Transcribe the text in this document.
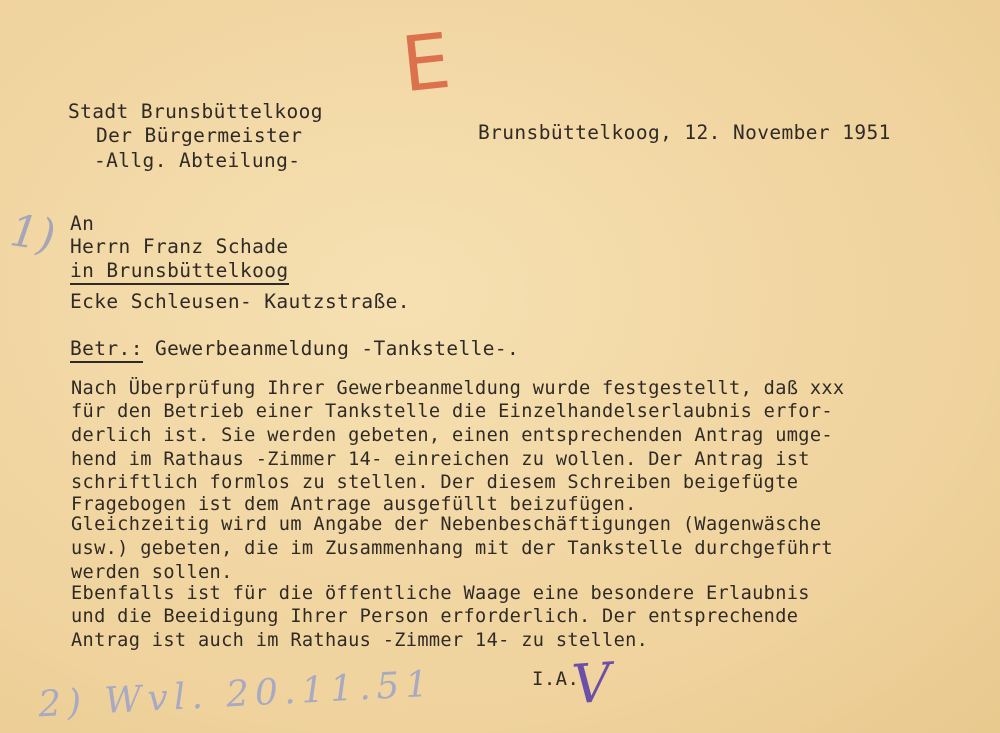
E
1)
Stadt Brunsbüttelkoog
Der Bürgermeister
-Allg. Abteilung-
Brunsbüttelkoog, 12. November 1951
An
Herrn Franz Schade
in Brunsbüttelkoog
Ecke Schleusen- Kautzstraße.
Betr.: Gewerbeanmeldung -Tankstelle-.
Nach Überprüfung Ihrer Gewerbeanmeldung wurde festgestellt, daß xxx
für den Betrieb einer Tankstelle die Einzelhandelserlaubnis erfor-
derlich ist. Sie werden gebeten, einen entsprechenden Antrag umge-
hend im Rathaus -Zimmer 14- einreichen zu wollen. Der Antrag ist
schriftlich formlos zu stellen. Der diesem Schreiben beigefügte
Fragebogen ist dem Antrage ausgefüllt beizufügen.
Gleichzeitig wird um Angabe der Nebenbeschäftigungen (Wagenwäsche
usw.) gebeten, die im Zusammenhang mit der Tankstelle durchgeführt
werden sollen.
Ebenfalls ist für die öffentliche Waage eine besondere Erlaubnis
und die Beeidigung Ihrer Person erforderlich. Der entsprechende
Antrag ist auch im Rathaus -Zimmer 14- zu stellen.
I.A.
V
2) Wvl. 20.11.51
